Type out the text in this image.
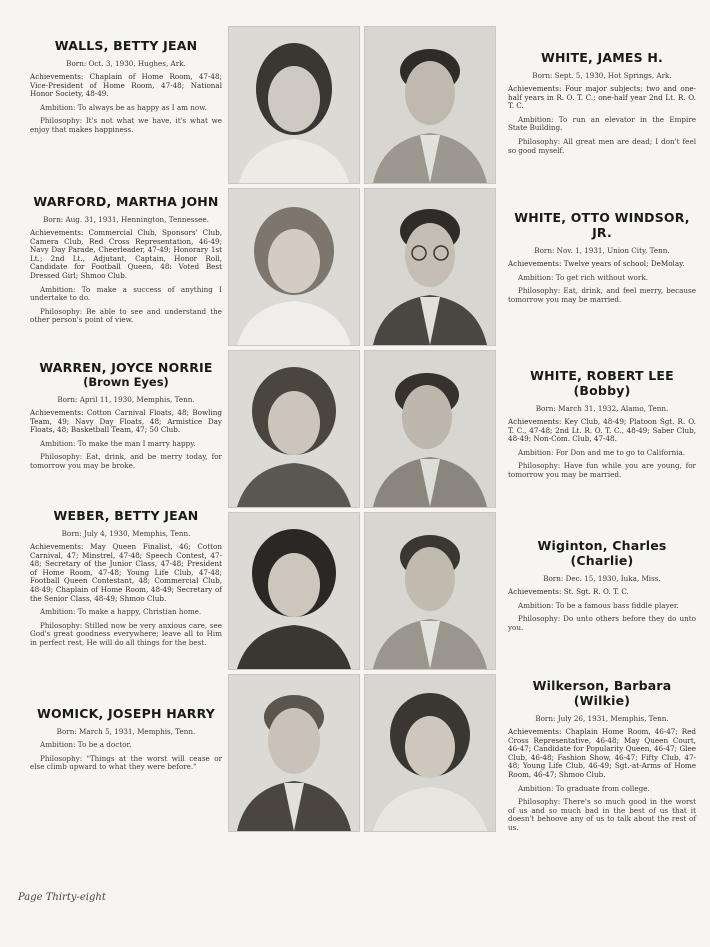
WALLS, BETTY JEAN
Born: Oct. 3, 1930, Hughes, Ark.
Achievements: Chaplain of Home Room, 47-48; Vice-President of Home Room, 47-48; National Honor Society, 48-49.
Ambition: To always be as happy as I am now.
Philosophy: It's not what we have, it's what we enjoy that makes happiness.
WARFORD, MARTHA JOHN
Born: Aug. 31, 1931, Hennington, Tennessee.
Achievements: Commercial Club, Sponsors' Club, Camera Club, Red Cross Representation, 46-49; Navy Day Parade, Cheerleader, 47-49; Honorary 1st Lt.; 2nd Lt., Adjutant, Captain, Honor Roll, Candidate for Football Queen, 48: Voted Best Dressed Girl; Shmoo Club.
Ambition: To make a success of anything I undertake to do.
Philosophy: Be able to see and understand the other person's point of view.
WARREN, JOYCE NORRIE
(Brown Eyes)
Born: April 11, 1930, Memphis, Tenn.
Achievements: Cotton Carnival Floats, 48; Bowling Team, 49; Navy Day Floats, 48; Armistice Day Floats, 48; Basketball Team, 47; 50 Club.
Ambition: To make the man I marry happy.
Philosophy: Eat, drink, and be merry today, for tomorrow you may be broke.
WEBER, BETTY JEAN
Born: July 4, 1930, Memphis, Tenn.
Achievements: May Queen Finalist, 46; Cotton Carnival, 47; Minstrel, 47-48; Speech Contest, 47-48; Secretary of the Junior Class, 47-48; President of Home Room, 47-48; Young Life Club, 47-48; Football Queen Contestant, 48; Commercial Club, 48-49; Chaplain of Home Room, 48-49; Secretary of the Senior Class, 48-49; Shmoo Club.
Ambition: To make a happy, Christian home.
Philosophy: Stilled now be very anxious care, see God's great goodness everywhere; leave all to Him in perfect rest, He will do all things for the best.
WOMICK, JOSEPH HARRY
Born: March 5, 1931, Memphis, Tenn.
Ambition: To be a doctor.
Philosophy: "Things at the worst will cease or else climb upward to what they were before."
WHITE, JAMES H.
Born: Sept. 5, 1930, Hot Springs, Ark.
Achievements: Four major subjects; two and one-half years in R. O. T. C.; one-half year 2nd Lt. R. O. T. C.
Ambition: To run an elevator in the Empire State Building.
Philosophy: All great men are dead; I don't feel so good myself.
WHITE, OTTO WINDSOR, JR.
Born: Nov. 1, 1931, Union City, Tenn.
Achievements: Twelve years of school; DeMolay.
Ambition: To get rich without work.
Philosophy: Eat, drink, and feel merry, because tomorrow you may be married.
WHITE, ROBERT LEE (Bobby)
Born: March 31, 1932, Alamo, Tenn.
Achievements: Key Club, 48-49; Platoon Sgt. R. O. T. C., 47-48; 2nd Lt. R. O. T. C., 48-49; Saber Club, 48-49; Non-Com. Club, 47-48.
Ambition: For Don and me to go to California.
Philosophy: Have fun while you are young, for tomorrow you may be married.
Wiginton, Charles (Charlie)
Born: Dec. 15, 1930, Iuka, Miss.
Achievements: St. Sgt. R. O. T. C.
Ambition: To be a famous bass fiddle player.
Philosophy: Do unto others before they do unto you.
Wilkerson, Barbara (Wilkie)
Born: July 26, 1931, Memphis, Tenn.
Achievements: Chaplain Home Room, 46-47; Red Cross Representative, 46-48; May Queen Court, 46-47; Candidate for Popularity Queen, 46-47; Glee Club, 46-48; Fashion Show, 46-47; Fifty Club, 47-48; Young Life Club, 46-49; Sgt.-at-Arms of Home Room, 46-47; Shmoo Club.
Ambition: To graduate from college.
Philosophy: There's so much good in the worst of us and so much bad in the best of us that it doesn't behoove any of us to talk about the rest of us.
Page Thirty-eight
